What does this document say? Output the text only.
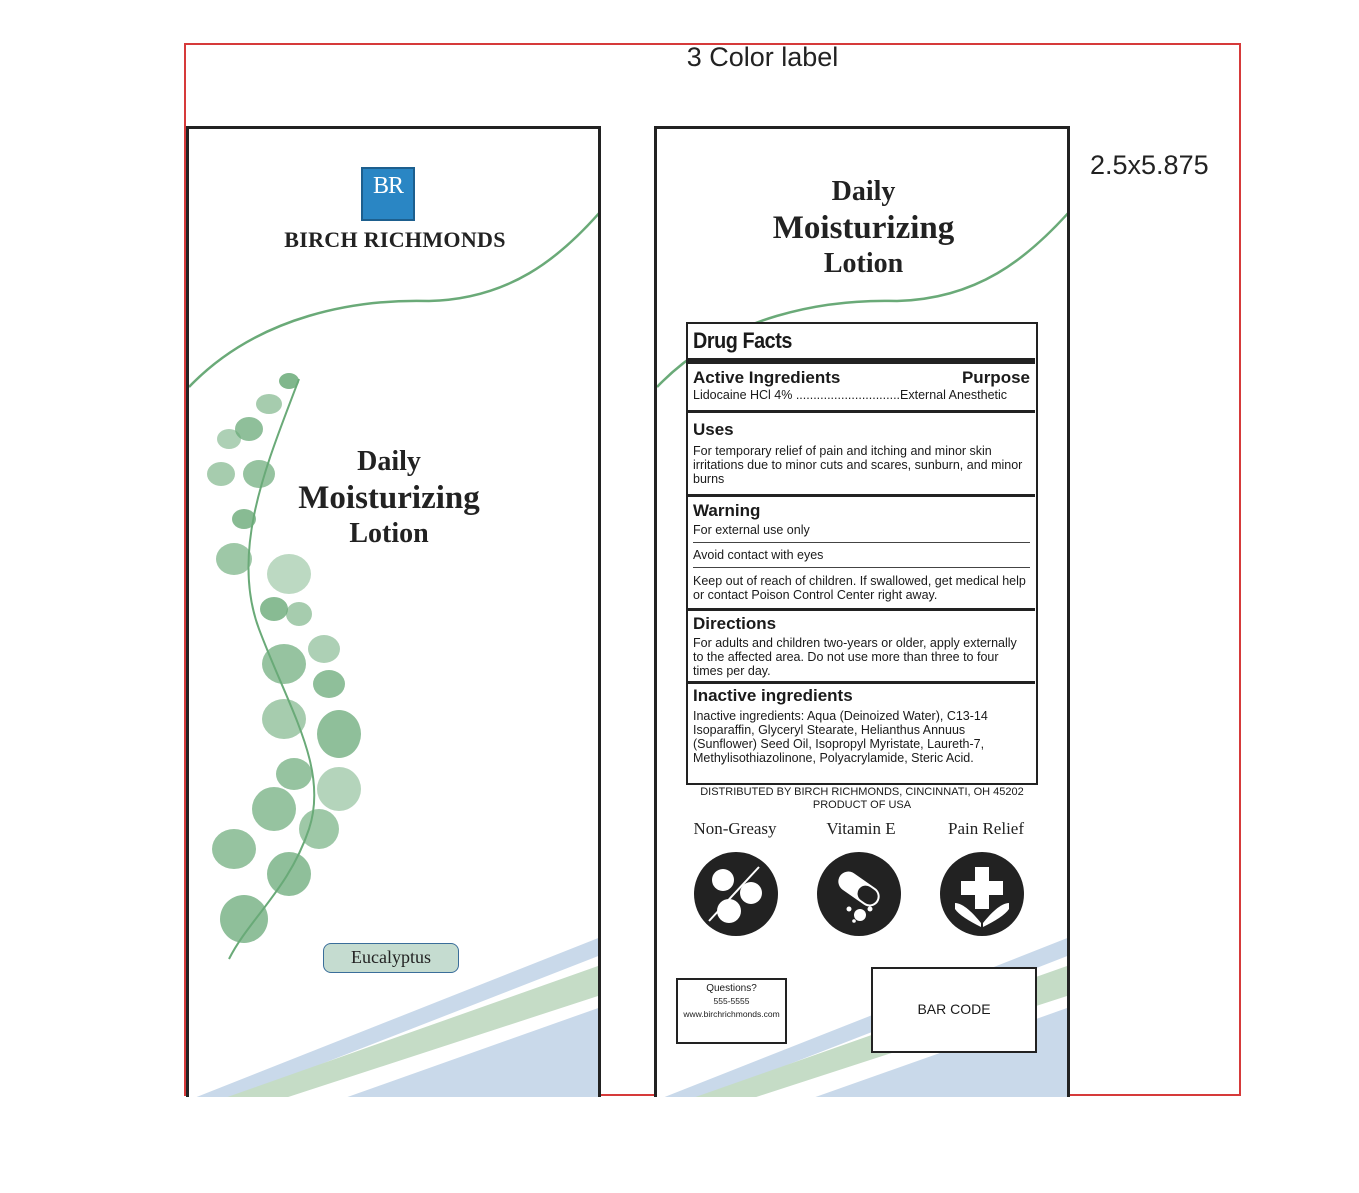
3 Color label
2.5x5.875
BR
BIRCH RICHMONDS
Daily
Moisturizing
Lotion
Eucalyptus
Daily
Moisturizing
Lotion
Drug Facts
Active Ingredients	Purpose
Lidocaine HCl 4% ..............................External Anesthetic
Uses
For temporary relief of pain and itching and minor skin irritations due to minor cuts and scares, sunburn, and minor burns
Warning
For external use only
Avoid contact with eyes
Keep out of reach of children. If swallowed, get medical help or contact Poison Control Center right away.
Directions
For adults and children two-years or older, apply externally to the affected area. Do not use more than three to four times per day.
Inactive ingredients
Inactive ingredients: Aqua (Deinoized Water), C13-14 Isoparaffin, Glyceryl Stearate, Helianthus Annuus (Sunflower) Seed Oil, Isopropyl Myristate, Laureth-7, Methylisothiazolinone, Polyacrylamide, Steric Acid.
DISTRIBUTED BY BIRCH RICHMONDS, CINCINNATI, OH 45202
PRODUCT OF USA
Non-Greasy	Vitamin E	Pain Relief
Questions?
555-5555
www.birchrichmonds.com	BAR CODE
